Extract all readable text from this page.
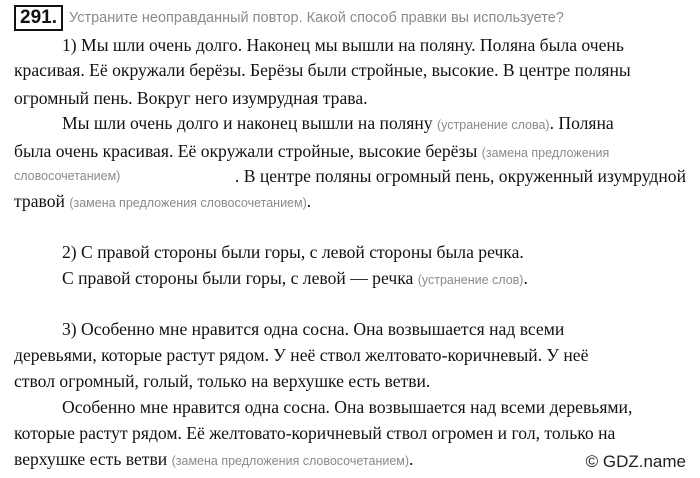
291. Устраните неоправданный повтор. Какой способ правки вы используете?
1) Мы шли очень долго. Наконец мы вышли на поляну. Поляна была очень
красивая. Её окружали берёзы. Берёзы были стройные, высокие. В центре поляны
огромный пень. Вокруг него изумрудная трава.
Мы шли очень долго и наконец вышли на поляну (устранение слова). Поляна
была очень красивая. Её окружали стройные, высокие берёзы (замена предложения
словосочетанием)	. В центре поляны огромный пень, окруженный изумрудной
травой (замена предложения словосочетанием).
2) С правой стороны были горы, с левой стороны была речка.
С правой стороны были горы, с левой — речка (устранение слов).
3) Особенно мне нравится одна сосна. Она возвышается над всеми
деревьями, которые растут рядом. У неё ствол желтовато-коричневый. У неё
ствол огромный, голый, только на верхушке есть ветви.
Особенно мне нравится одна сосна. Она возвышается над всеми деревьями,
которые растут рядом. Её желтовато-коричневый ствол огромен и гол, только на
верхушке есть ветви (замена предложения словосочетанием).	© GDZ.name
